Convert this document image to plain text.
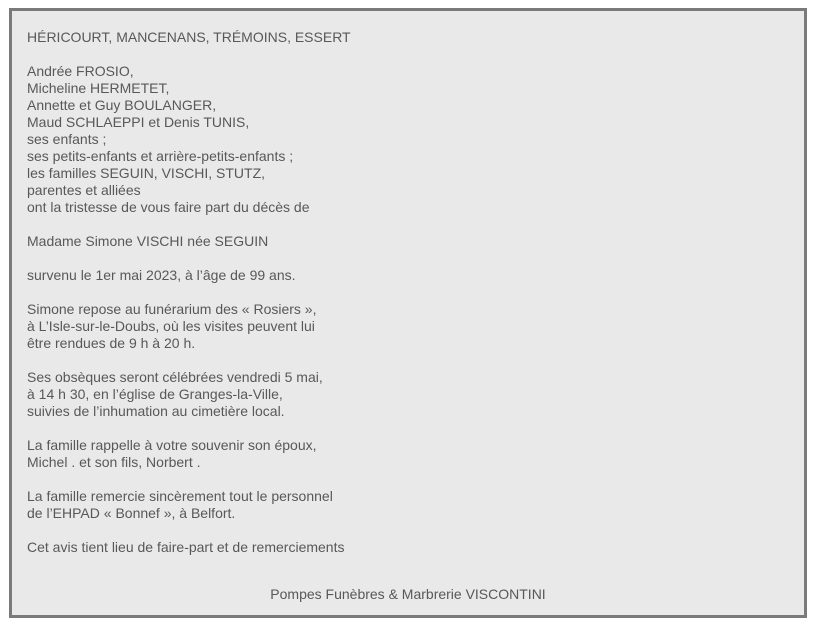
HÉRICOURT, MANCENANS, TRÉMOINS, ESSERT
Andrée FROSIO,
Micheline HERMETET,
Annette et Guy BOULANGER,
Maud SCHLAEPPI et Denis TUNIS,
ses enfants ;
ses petits-enfants et arrière-petits-enfants ;
les familles SEGUIN, VISCHI, STUTZ,
parentes et alliées
ont la tristesse de vous faire part du décès de
Madame Simone VISCHI née SEGUIN
survenu le 1er mai 2023, à l’âge de 99 ans.
Simone repose au funérarium des « Rosiers »,
à L’Isle-sur-le-Doubs, où les visites peuvent lui
être rendues de 9 h à 20 h.
Ses obsèques seront célébrées vendredi 5 mai,
à 14 h 30, en l’église de Granges-la-Ville,
suivies de l’inhumation au cimetière local.
La famille rappelle à votre souvenir son époux,
Michel . et son fils, Norbert .
La famille remercie sincèrement tout le personnel
de l’EHPAD « Bonnef », à Belfort.
Cet avis tient lieu de faire-part et de remerciements
Pompes Funèbres & Marbrerie VISCONTINI
